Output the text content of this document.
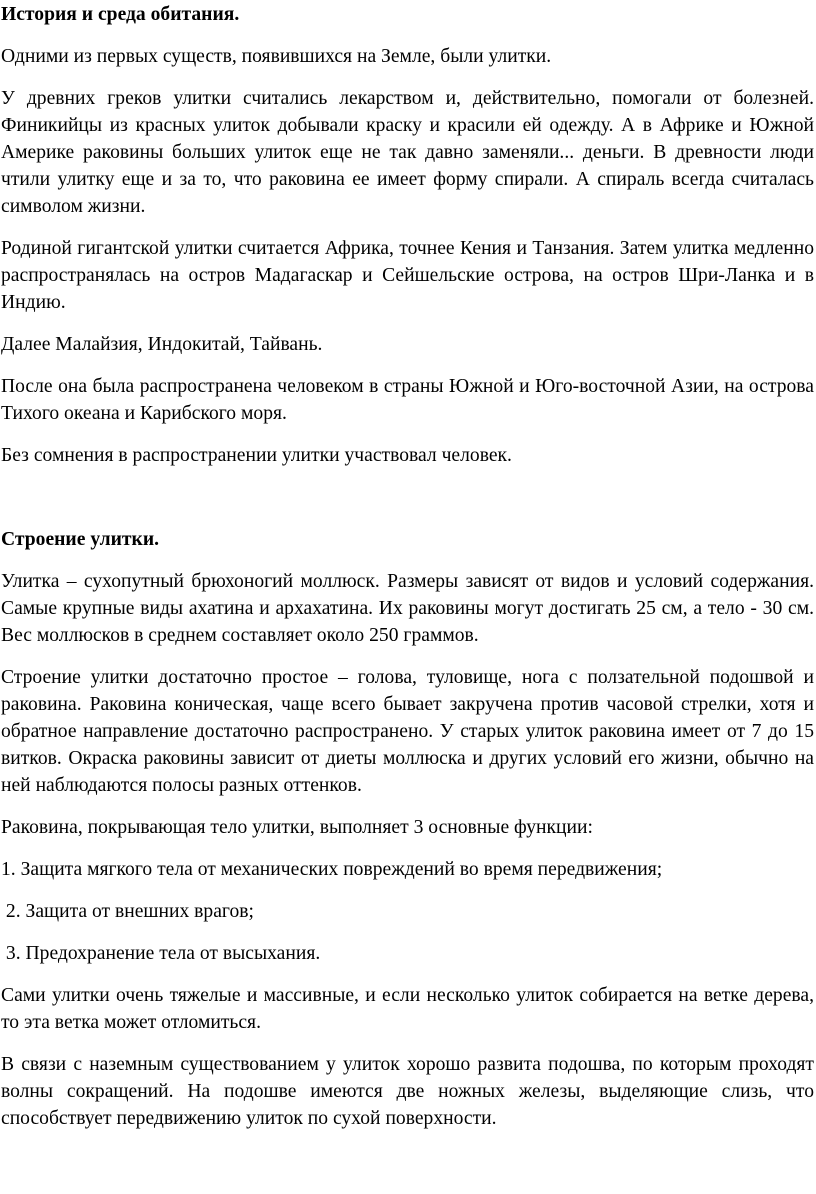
История и среда обитания.

Одними из первых существ, появившихся на Земле, были улитки.

У древних греков улитки считались лекарством и, действительно, помогали от болезней. Финикийцы из красных улиток добывали краску и красили ей одежду. А в Африке и Южной Америке раковины больших улиток еще не так давно заменяли... деньги. В древности люди чтили улитку еще и за то, что раковина ее имеет форму спирали. А спираль всегда считалась символом жизни.

Родиной гигантской улитки считается Африка, точнее Кения и Танзания. Затем улитка медленно распространялась на остров Мадагаскар и Сейшельские острова, на остров Шри-Ланка и в Индию.

Далее Малайзия, Индокитай, Тайвань.

После она была распространена человеком в страны Южной и Юго-восточной Азии, на острова Тихого океана и Карибского моря.

Без сомнения в распространении улитки участвовал человек.

Строение улитки.

Улитка – сухопутный брюхоногий моллюск. Размеры зависят от видов и условий содержания. Самые крупные виды ахатина и архахатина. Их раковины могут достигать 25 см, а тело - 30 см. Вес моллюсков в среднем составляет около 250 граммов.

Строение улитки достаточно простое – голова, туловище, нога с ползательной подошвой и раковина. Раковина коническая, чаще всего бывает закручена против часовой стрелки, хотя и обратное направление достаточно распространено. У старых улиток раковина имеет от 7 до 15 витков. Окраска раковины зависит от диеты моллюска и других условий его жизни, обычно на ней наблюдаются полосы разных оттенков.

Раковина, покрывающая тело улитки, выполняет 3 основные функции:

1. Защита мягкого тела от механических повреждений во время передвижения;

2. Защита от внешних врагов;

3. Предохранение тела от высыхания.

Сами улитки очень тяжелые и массивные, и если несколько улиток собирается на ветке дерева, то эта ветка может отломиться.

В связи с наземным существованием у улиток хорошо развита подошва, по которым проходят волны сокращений. На подошве имеются две ножных железы, выделяющие слизь, что способствует передвижению улиток по сухой поверхности.
